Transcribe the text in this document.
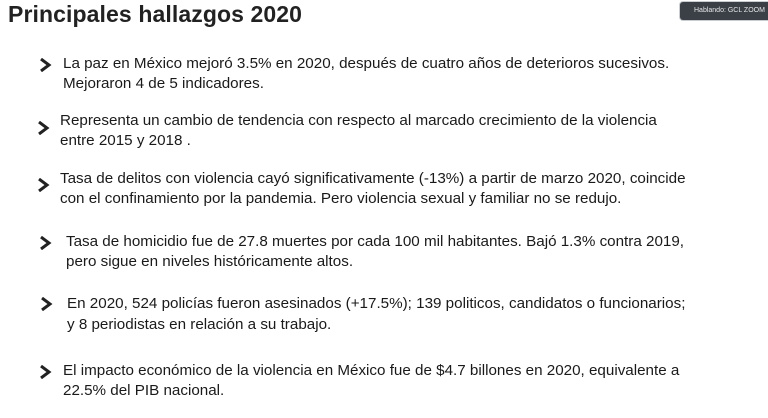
Principales hallazgos 2020	Hablando: GCL ZOOM
La paz en México mejoró 3.5% en 2020, después de cuatro años de deterioros sucesivos.
Mejoraron 4 de 5 indicadores.
Representa un cambio de tendencia con respecto al marcado crecimiento de la violencia
entre 2015 y 2018 .
Tasa de delitos con violencia cayó significativamente (-13%) a partir de marzo 2020, coincide
con el confinamiento por la pandemia. Pero violencia sexual y familiar no se redujo.
Tasa de homicidio fue de 27.8 muertes por cada 100 mil habitantes. Bajó 1.3% contra 2019,
pero sigue en niveles históricamente altos.
En 2020, 524 policías fueron asesinados (+17.5%); 139 politicos, candidatos o funcionarios;
y 8 periodistas en relación a su trabajo.
El impacto económico de la violencia en México fue de $4.7 billones en 2020, equivalente a
22.5% del PIB nacional.
